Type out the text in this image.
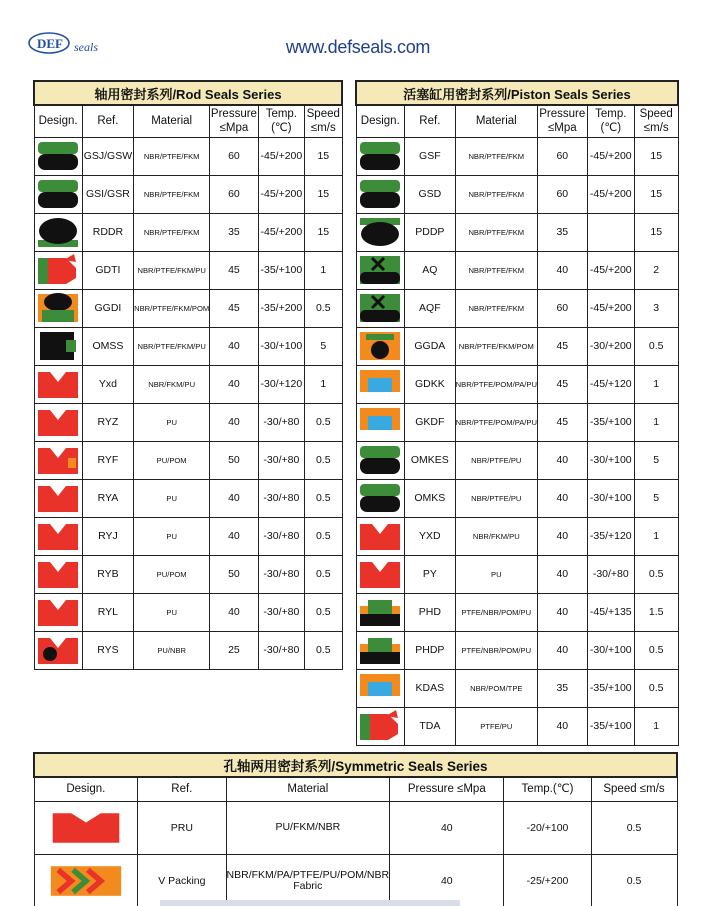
DEF seals	www.defseals.com
轴用密封系列/Rod Seals Series					
Design.	Ref.	Material	Pressure ≤Mpa	Temp.(℃)	Speed ≤m/s

	GSJ/GSW	NBR/PTFE/FKM	60	-45/+200	15

	GSI/GSR	NBR/PTFE/FKM	60	-45/+200	15

	RDDR	NBR/PTFE/FKM	35	-45/+200	15

	GDTI	NBR/PTFE/FKM/PU	45	-35/+100	1

	GGDI	NBR/PTFE/FKM/POM	45	-35/+200	0.5

	OMSS	NBR/PTFE/FKM/PU	40	-30/+100	5

	Yxd	NBR/FKM/PU	40	-30/+120	1

	RYZ	PU	40	-30/+80	0.5

	RYF	PU/POM	50	-30/+80	0.5

	RYA	PU	40	-30/+80	0.5

	RYJ	PU	40	-30/+80	0.5

	RYB	PU/POM	50	-30/+80	0.5

	RYL	PU	40	-30/+80	0.5

	RYS	PU/NBR	25	-30/+80	0.5
活塞缸用密封系列/Piston Seals Series					
Design.	Ref.	Material	Pressure ≤Mpa	Temp.(℃)	Speed ≤m/s

	GSF	NBR/PTFE/FKM	60	-45/+200	15

	GSD	NBR/PTFE/FKM	60	-45/+200	15

	PDDP	NBR/PTFE/FKM	35		15

	AQ	NBR/PTFE/FKM	40	-45/+200	2

	AQF	NBR/PTFE/FKM	60	-45/+200	3

	GGDA	NBR/PTFE/FKM/POM	45	-30/+200	0.5

	GDKK	NBR/PTFE/POM/PA/PU	45	-45/+120	1

	GKDF	NBR/PTFE/POM/PA/PU	45	-35/+100	1

	OMKES	NBR/PTFE/PU	40	-30/+100	5

	OMKS	NBR/PTFE/PU	40	-30/+100	5

	YXD	NBR/FKM/PU	40	-35/+120	1

	PY	PU	40	-30/+80	0.5

	PHD	PTFE/NBR/POM/PU	40	-45/+135	1.5

	PHDP	PTFE/NBR/POM/PU	40	-30/+100	0.5

	KDAS	NBR/POM/TPE	35	-35/+100	0.5

	TDA	PTFE/PU	40	-35/+100	1
孔轴两用密封系列/Symmetric Seals Series					
Design.	Ref.	Material	Pressure ≤Mpa	Temp.(℃)	Speed ≤m/s

	PRU	PU/FKM/NBR	40	-20/+100	0.5

	V Packing	NBR/FKM/PA/PTFE/PU/POM/NBR Fabric	40	-25/+200	0.5
